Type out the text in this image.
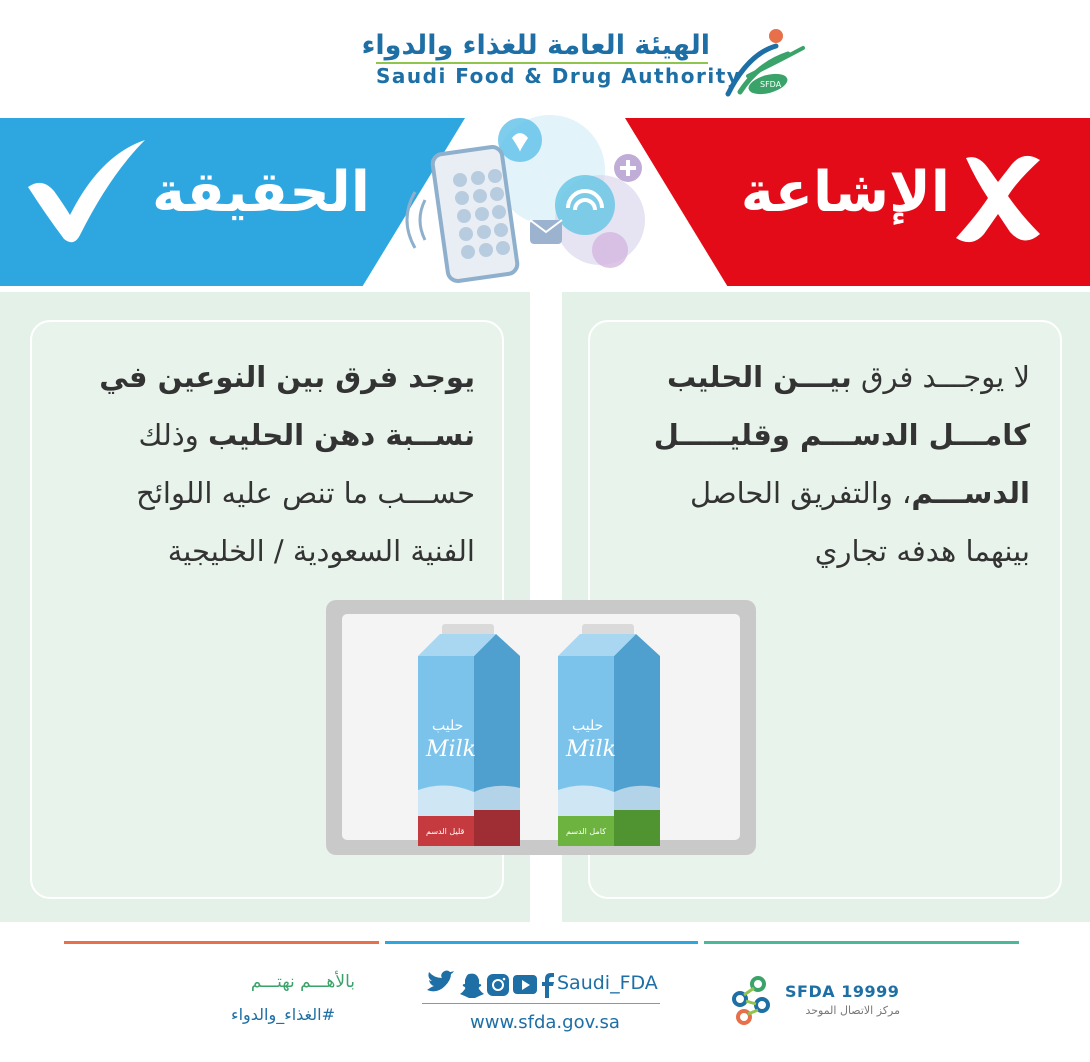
الهيئة العامة للغذاء والدواء
Saudi Food & Drug Authority SFDA
الحقيقة	الإشاعة
لا يوجـــد فرق بيـــن الحليب
كامـــل الدســـم وقليـــــل
الدســـم، والتفريق الحاصل
بينهما هدفه تجاري
يوجد فرق بين النوعين في
نســبة دهن الحليب وذلك
حســـب ما تنص عليه اللوائح
الفنية السعودية / الخليجية
حليب
Milk
قليل الدسم
حليب
Milk
كامل الدسم
بالأهـــم نهتـــم
#الغذاء_والدواء
Saudi_FDA
www.sfda.gov.sa
SFDA 19999
مركز الاتصال الموحد
